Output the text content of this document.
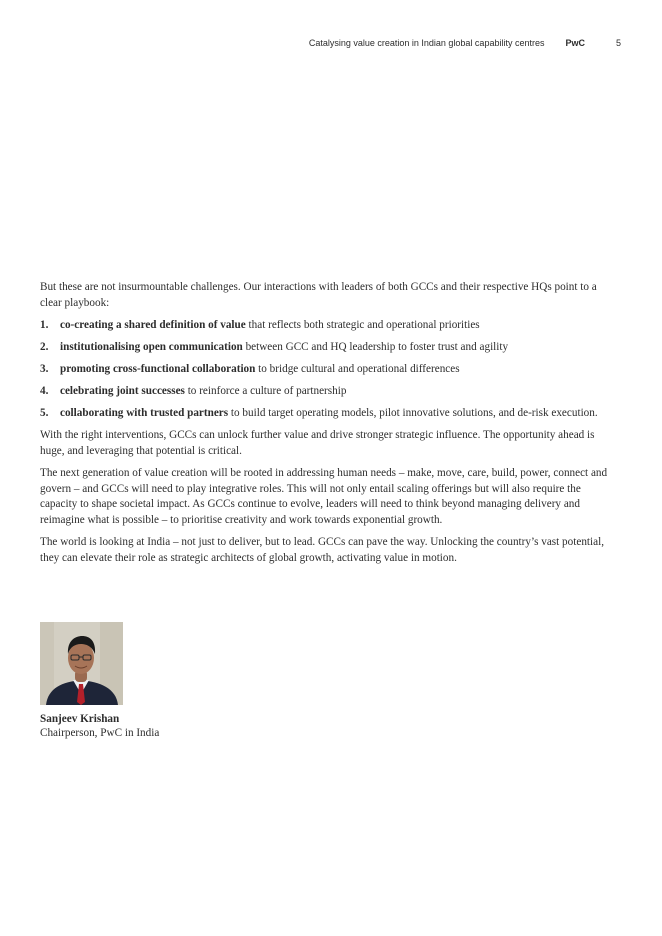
Catalysing value creation in Indian global capability centres PwC	5

But these are not insurmountable challenges. Our interactions with leaders of both GCCs and their respective HQs point to a clear playbook:

1.	co-creating a shared definition of value that reflects both strategic and operational priorities
2.	institutionalising open communication between GCC and HQ leadership to foster trust and agility
3.	promoting cross-functional collaboration to bridge cultural and operational differences
4.	celebrating joint successes to reinforce a culture of partnership
5.	collaborating with trusted partners to build target operating models, pilot innovative solutions, and de-risk execution.

With the right interventions, GCCs can unlock further value and drive stronger strategic influence. The opportunity ahead is huge, and leveraging that potential is critical.

The next generation of value creation will be rooted in addressing human needs – make, move, care, build, power, connect and govern – and GCCs will need to play integrative roles. This will not only entail scaling offerings but will also require the capacity to shape societal impact. As GCCs continue to evolve, leaders will need to think beyond managing delivery and reimagine what is possible – to prioritise creativity and work towards exponential growth.

The world is looking at India – not just to deliver, but to lead. GCCs can pave the way. Unlocking the country’s vast potential, they can elevate their role as strategic architects of global growth, activating value in motion.

Sanjeev Krishan
Chairperson, PwC in India
